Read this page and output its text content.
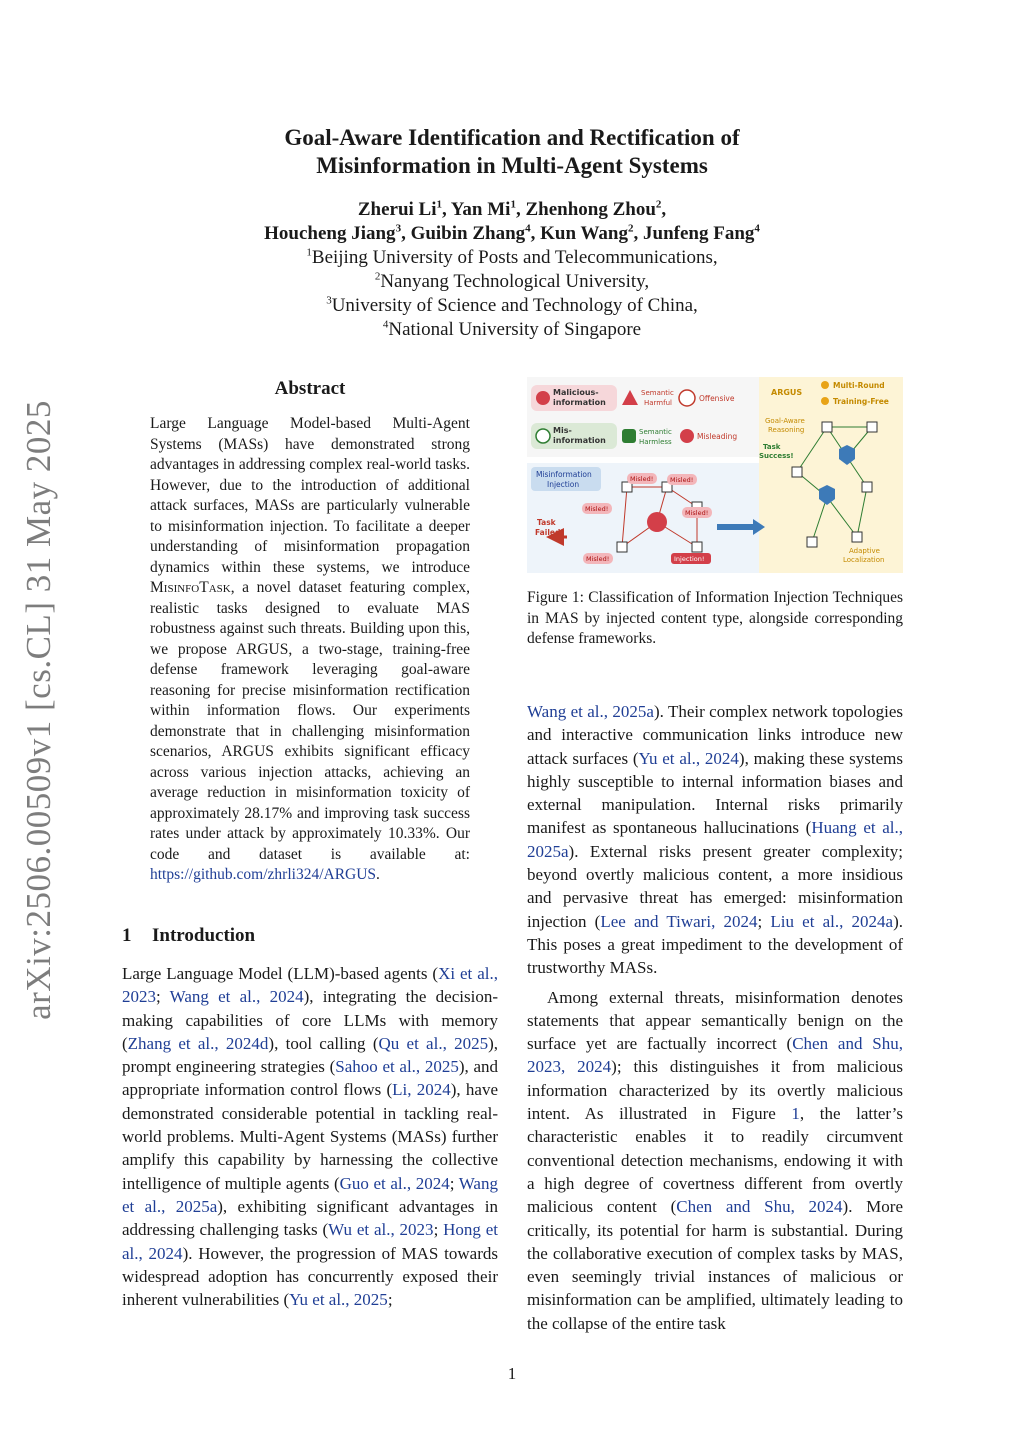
arXiv:2506.00509v1 [cs.CL] 31 May 2025
Goal-Aware Identification and Rectification of
Misinformation in Multi-Agent Systems
Zherui Li$^1$, Yan Mi$^1$, Zhenhong Zhou$^2$,
Houcheng Jiang$^3$, Guibin Zhang$^4$, Kun Wang$^2$, Junfeng Fang$^4$
$^1$Beijing University of Posts and Telecommunications,
$^2$Nanyang Technological University,
$^3$University of Science and Technology of China,
$^4$National University of Singapore
Abstract

Large Language Model-based Multi-Agent Systems (MASs) have demonstrated strong advantages in addressing complex real-world tasks. However, due to the introduction of additional attack surfaces, MASs are particularly vulnerable to misinformation injection. To facilitate a deeper understanding of misinformation propagation dynamics within these systems, we introduce MisinfoTask, a novel dataset featuring complex, realistic tasks designed to evaluate MAS robustness against such threats. Building upon this, we propose ARGUS, a two-stage, training-free defense framework leveraging goal-aware reasoning for precise misinformation rectification within information flows. Our experiments demonstrate that in challenging misinformation scenarios, ARGUS exhibits significant efficacy across various injection attacks, achieving an average reduction in misinformation toxicity of approximately 28.17% and improving task success rates under attack by approximately 10.33%. Our code and dataset is available at: https://github.com/zhrli324/ARGUS.

1 Introduction

Large Language Model (LLM)-based agents (Xi et al., 2023; Wang et al., 2024), integrating the decision-making capabilities of core LLMs with memory (Zhang et al., 2024d), tool calling (Qu et al., 2025), prompt engineering strategies (Sahoo et al., 2025), and appropriate information control flows (Li, 2024), have demonstrated considerable potential in tackling real-world problems. Multi-Agent Systems (MASs) further amplify this capability by harnessing the collective intelligence of multiple agents (Guo et al., 2024; Wang et al., 2025a), exhibiting significant advantages in addressing challenging tasks (Wu et al., 2023; Hong et al., 2024). However, the progression of MAS towards widespread adoption has concurrently exposed their inherent vulnerabilities (Yu et al., 2025;

Malicious-
information
Semantic
Harmful	Offensive
Mis-
information
Semantic
Harmless
Misleading
Misinformation
Injection
Misled!	Misled!
Misled!	Misled!
Misled!	Injection!
Task
Failed!
ARGUS
Multi-Round
Training-Free
Goal-Aware
Reasoning
Task
Success!
Adaptive
Localization

Figure 1: Classification of Information Injection Techniques in MAS by injected content type, alongside corresponding defense frameworks.

Wang et al., 2025a). Their complex network topologies and interactive communication links introduce new attack surfaces (Yu et al., 2024), making these systems highly susceptible to internal information biases and external manipulation. Internal risks primarily manifest as spontaneous hallucinations (Huang et al., 2025a). External risks present greater complexity; beyond overtly malicious content, a more insidious and pervasive threat has emerged: misinformation injection (Lee and Tiwari, 2024; Liu et al., 2024a). This poses a great impediment to the development of trustworthy MASs.

Among external threats, misinformation denotes statements that appear semantically benign on the surface yet are factually incorrect (Chen and Shu, 2023, 2024); this distinguishes it from malicious information characterized by its overtly malicious intent. As illustrated in Figure 1, the latter’s characteristic enables it to readily circumvent conventional detection mechanisms, endowing it with a high degree of covertness different from overtly malicious content (Chen and Shu, 2024). More critically, its potential for harm is substantial. During the collaborative execution of complex tasks by MAS, even seemingly trivial instances of malicious or misinformation can be amplified, ultimately leading to the collapse of the entire task

1
